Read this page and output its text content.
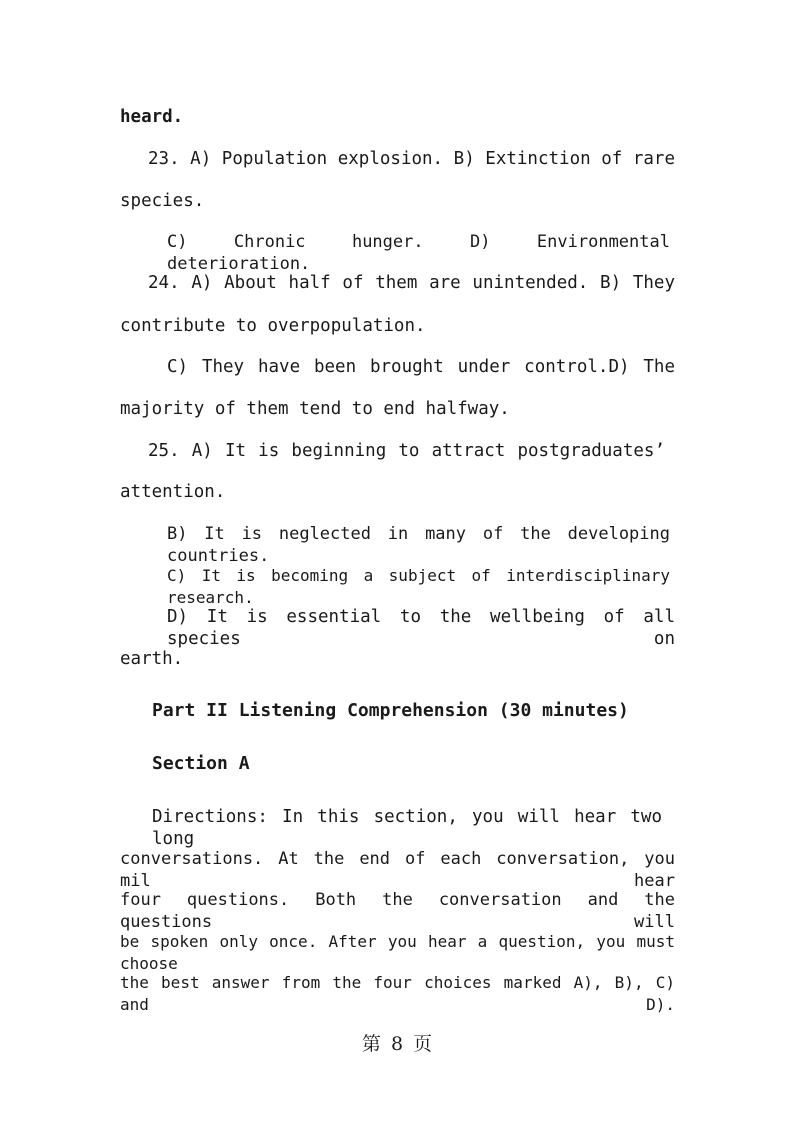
heard.
23. A) Population explosion. B) Extinction of rare
species.
C) Chronic hunger. D) Environmental deterioration.
24. A) About half of them are unintended. B) They
contribute to overpopulation.
C) They have been brought under control.D) The
majority of them tend to end halfway.
25. A) It is beginning to attract postgraduates’
attention.
B) It is neglected in many of the developing countries.
C) It is becoming a subject of interdisciplinary research.
D) It is essential to the wellbeing of all species on
earth.
Part II Listening Comprehension (30 minutes)
Section A
Directions: In this section, you will hear two long
conversations. At the end of each conversation, you mil hear
four questions. Both the conversation and the questions will
be spoken only once. After you hear a question, you must choose
the best answer from the four choices marked A), B), C) and D).
第 8 页
